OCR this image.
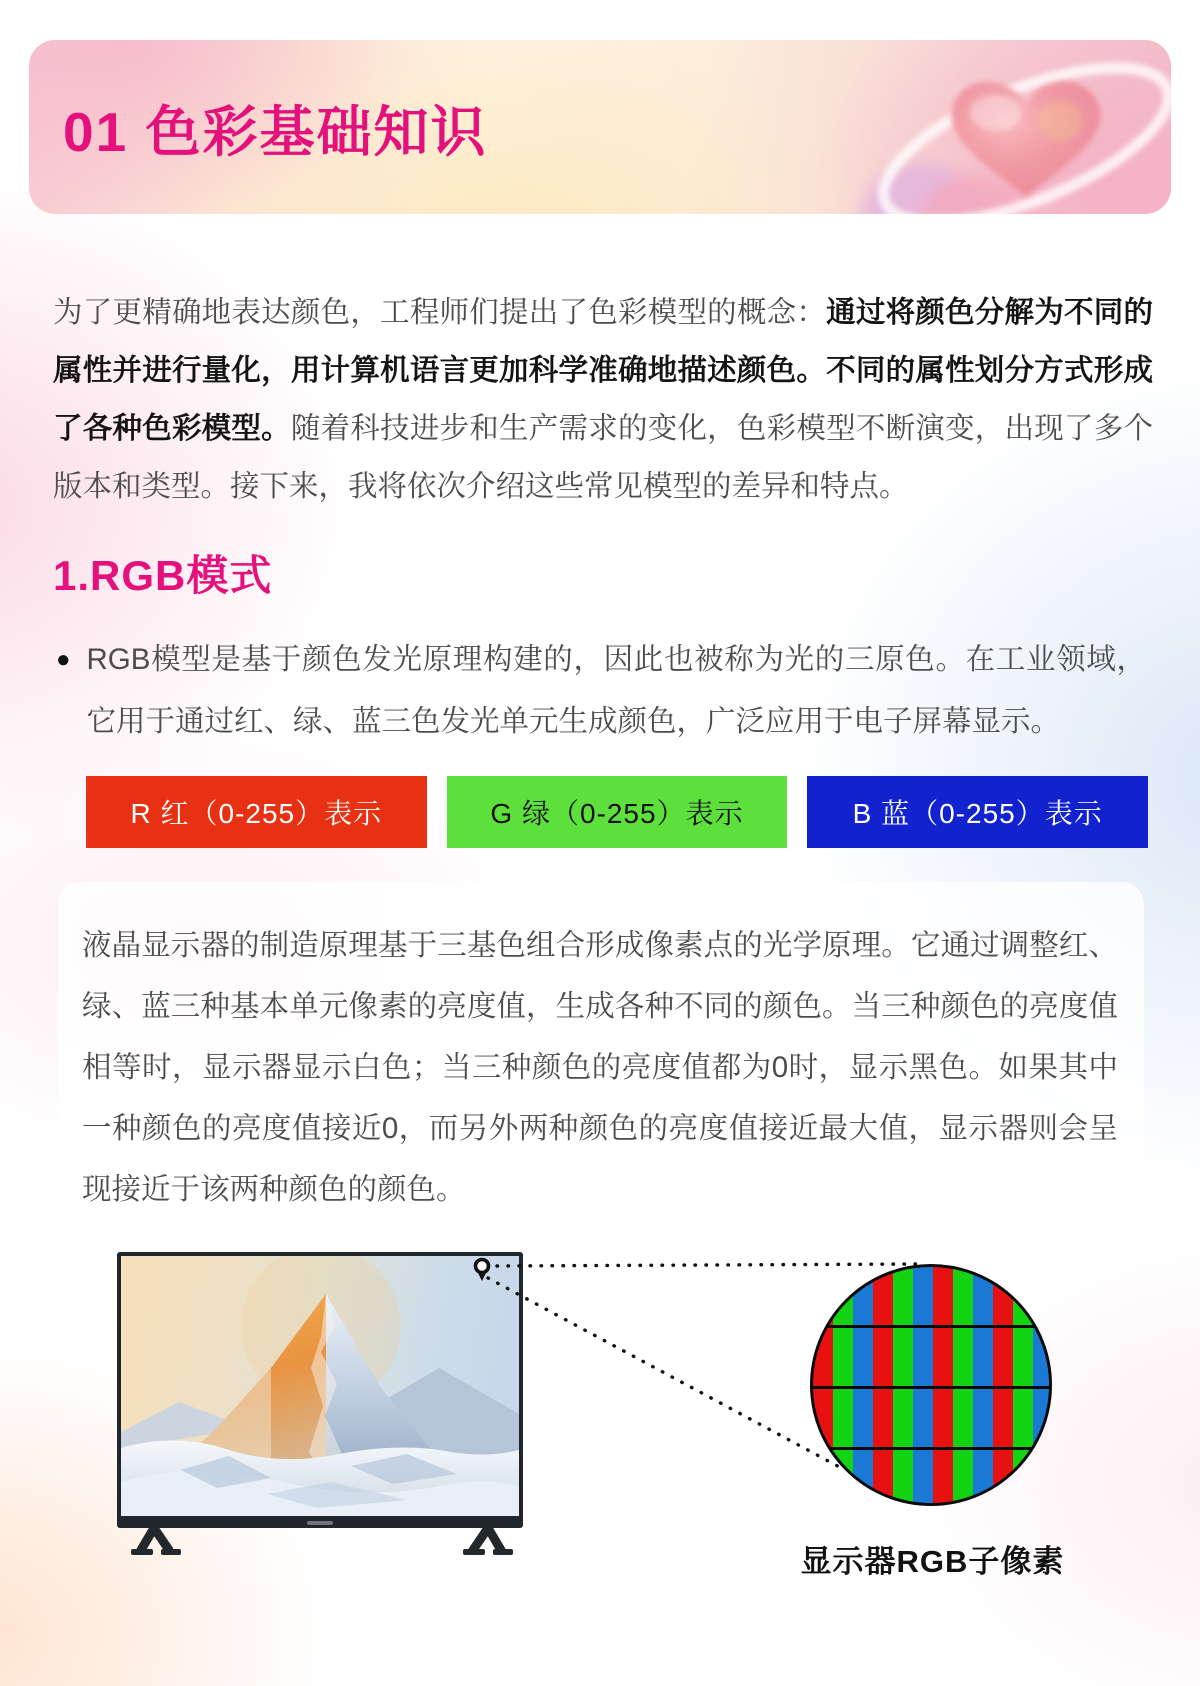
01 色彩基础知识

为了更精确地表达颜色，工程师们提出了色彩模型的概念：通过将颜色分解为不同的属性并进行量化，用计算机语言更加科学准确地描述颜色。不同的属性划分方式形成了各种色彩模型。随着科技进步和生产需求的变化，色彩模型不断演变，出现了多个版本和类型。接下来，我将依次介绍这些常见模型的差异和特点。

1.RGB模式
● RGB模型是基于颜色发光原理构建的，因此也被称为光的三原色。在工业领域，它用于通过红、绿、蓝三色发光单元生成颜色，广泛应用于电子屏幕显示。
R 红（0-255）表示	G 绿（0-255）表示	B 蓝（0-255）表示

液晶显示器的制造原理基于三基色组合形成像素点的光学原理。它通过调整红、绿、蓝三种基本单元像素的亮度值，生成各种不同的颜色。当三种颜色的亮度值相等时，显示器显示白色；当三种颜色的亮度值都为0时，显示黑色。如果其中一种颜色的亮度值接近0，而另外两种颜色的亮度值接近最大值，显示器则会呈现接近于该两种颜色的颜色。

显示器RGB子像素
